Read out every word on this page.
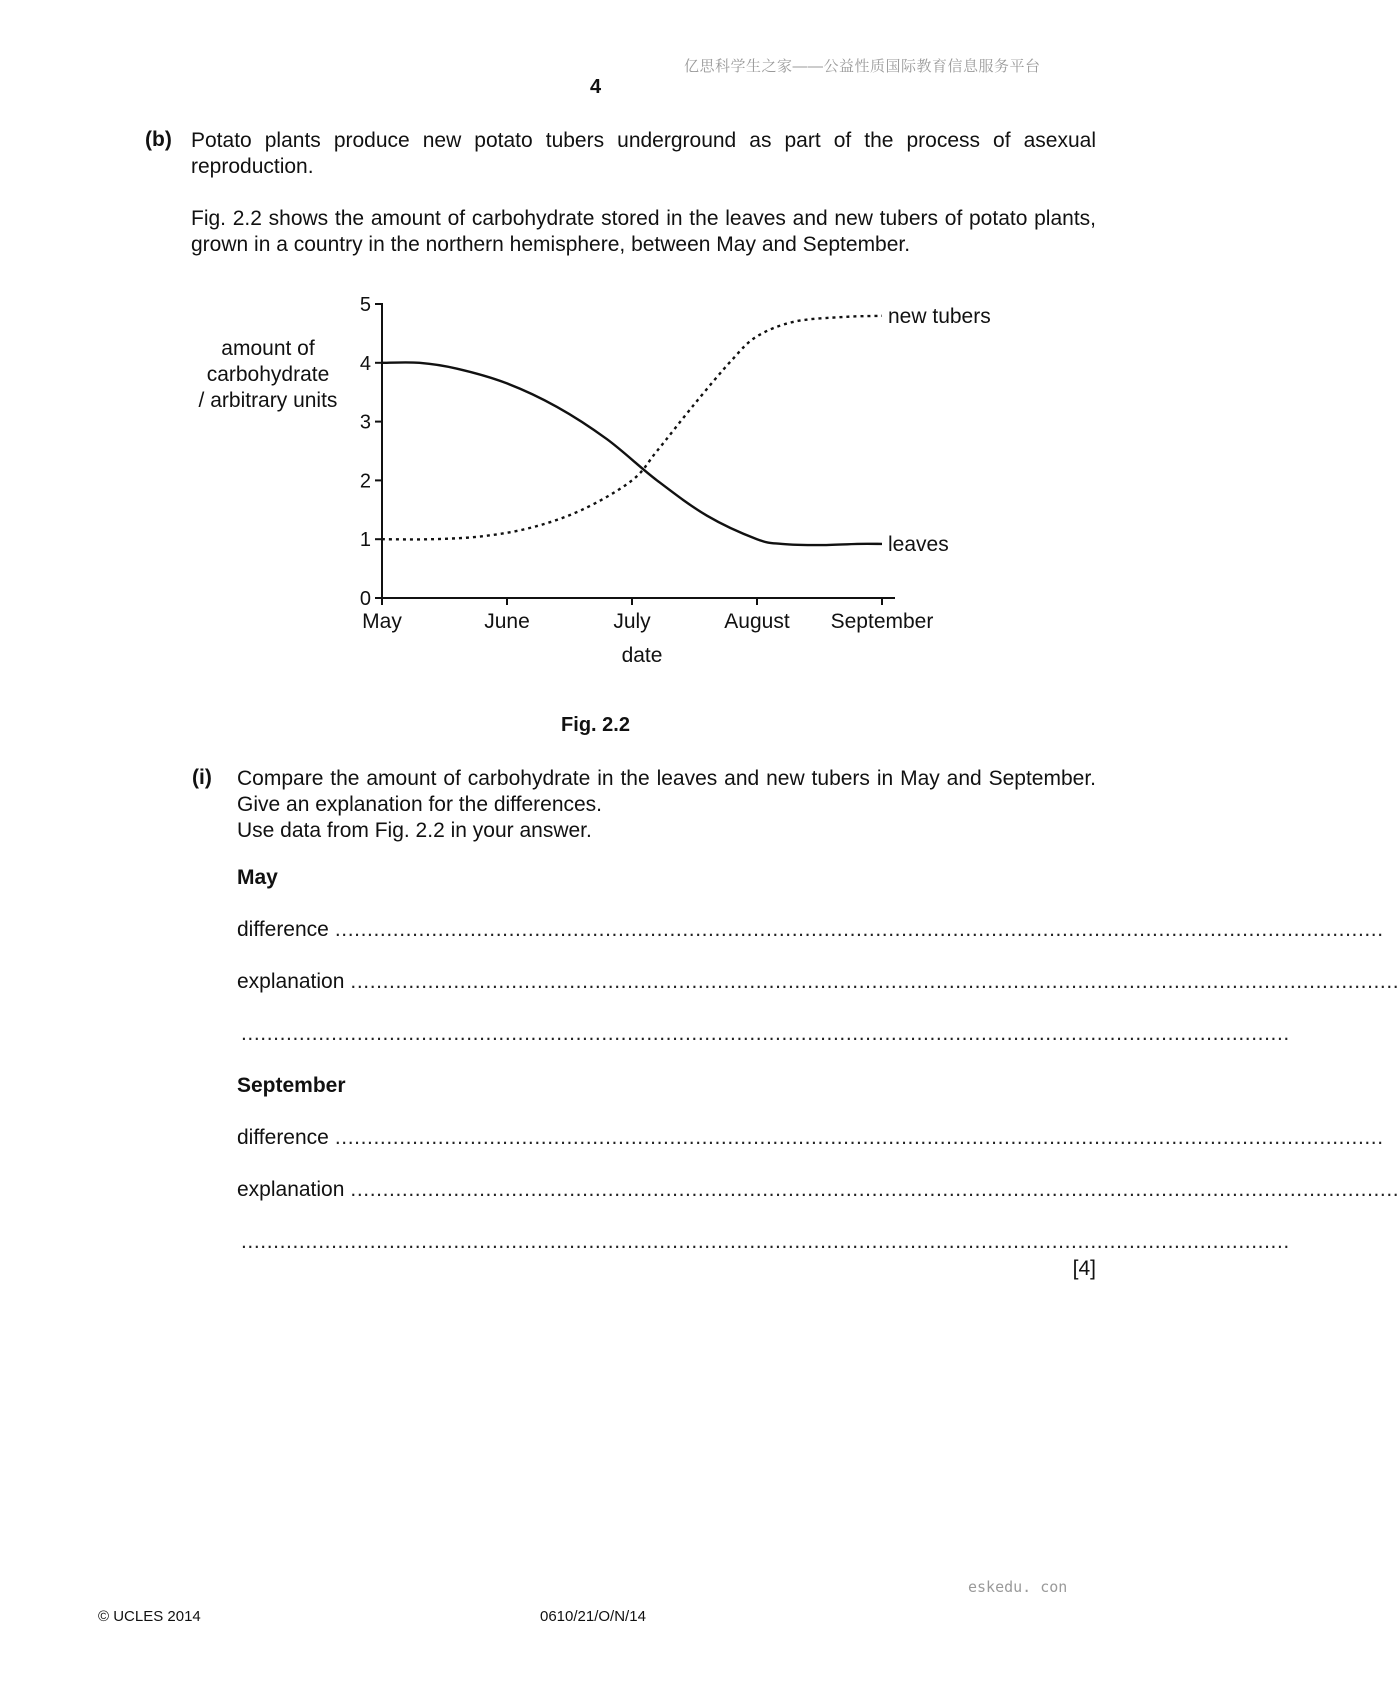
亿思科学生之家——公益性质国际教育信息服务平台
4
(b) Potato plants produce new potato tubers underground as part of the process of asexual reproduction.
Fig. 2.2 shows the amount of carbohydrate stored in the leaves and new tubers of potato plants, grown in a country in the northern hemisphere, between May and September.
amount of
carbohydrate
/ arbitrary units
0
1
2
3
4
5
May	June	July	August September
date
leaves
new tubers
Fig. 2.2
(i) Compare the amount of carbohydrate in the leaves and new tubers in May and September. Give an explanation for the differences.
Use data from Fig. 2.2 in your answer.
May
difference ...................................................................................................................................................................
explanation ...................................................................................................................................................................
...................................................................................................................................................................
September
difference ...................................................................................................................................................................
explanation ...................................................................................................................................................................
...................................................................................................................................................................
[4]
eskedu. con
© UCLES 2014	0610/21/O/N/14
